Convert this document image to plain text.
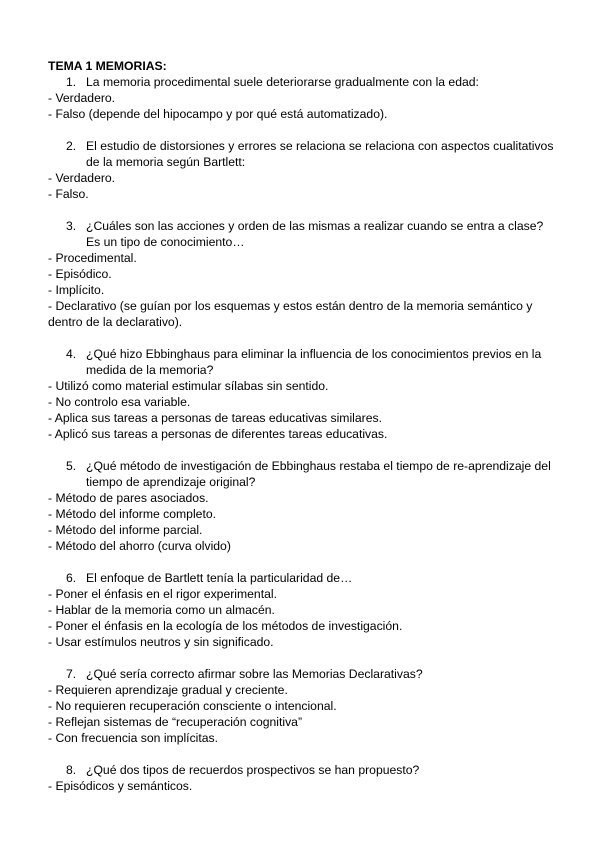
TEMA 1 MEMORIAS:
1. La memoria procedimental suele deteriorarse gradualmente con la edad:
- Verdadero.
- Falso (depende del hipocampo y por qué está automatizado).
2. El estudio de distorsiones y errores se relaciona se relaciona con aspectos cualitativos de la memoria según Bartlett:
- Verdadero.
- Falso.
3. ¿Cuáles son las acciones y orden de las mismas a realizar cuando se entra a clase? Es un tipo de conocimiento…
- Procedimental.
- Episódico.
- Implícito.
- Declarativo (se guían por los esquemas y estos están dentro de la memoria semántico y dentro de la declarativo).
4. ¿Qué hizo Ebbinghaus para eliminar la influencia de los conocimientos previos en la medida de la memoria?
- Utilizó como material estimular sílabas sin sentido.
- No controlo esa variable.
- Aplica sus tareas a personas de tareas educativas similares.
- Aplicó sus tareas a personas de diferentes tareas educativas.
5. ¿Qué método de investigación de Ebbinghaus restaba el tiempo de re-aprendizaje del tiempo de aprendizaje original?
- Método de pares asociados.
- Método del informe completo.
- Método del informe parcial.
- Método del ahorro (curva olvido)
6. El enfoque de Bartlett tenía la particularidad de…
- Poner el énfasis en el rigor experimental.
- Hablar de la memoria como un almacén.
- Poner el énfasis en la ecología de los métodos de investigación.
- Usar estímulos neutros y sin significado.
7. ¿Qué sería correcto afirmar sobre las Memorias Declarativas?
- Requieren aprendizaje gradual y creciente.
- No requieren recuperación consciente o intencional.
- Reflejan sistemas de “recuperación cognitiva”
- Con frecuencia son implícitas.
8. ¿Qué dos tipos de recuerdos prospectivos se han propuesto?
- Episódicos y semánticos.
